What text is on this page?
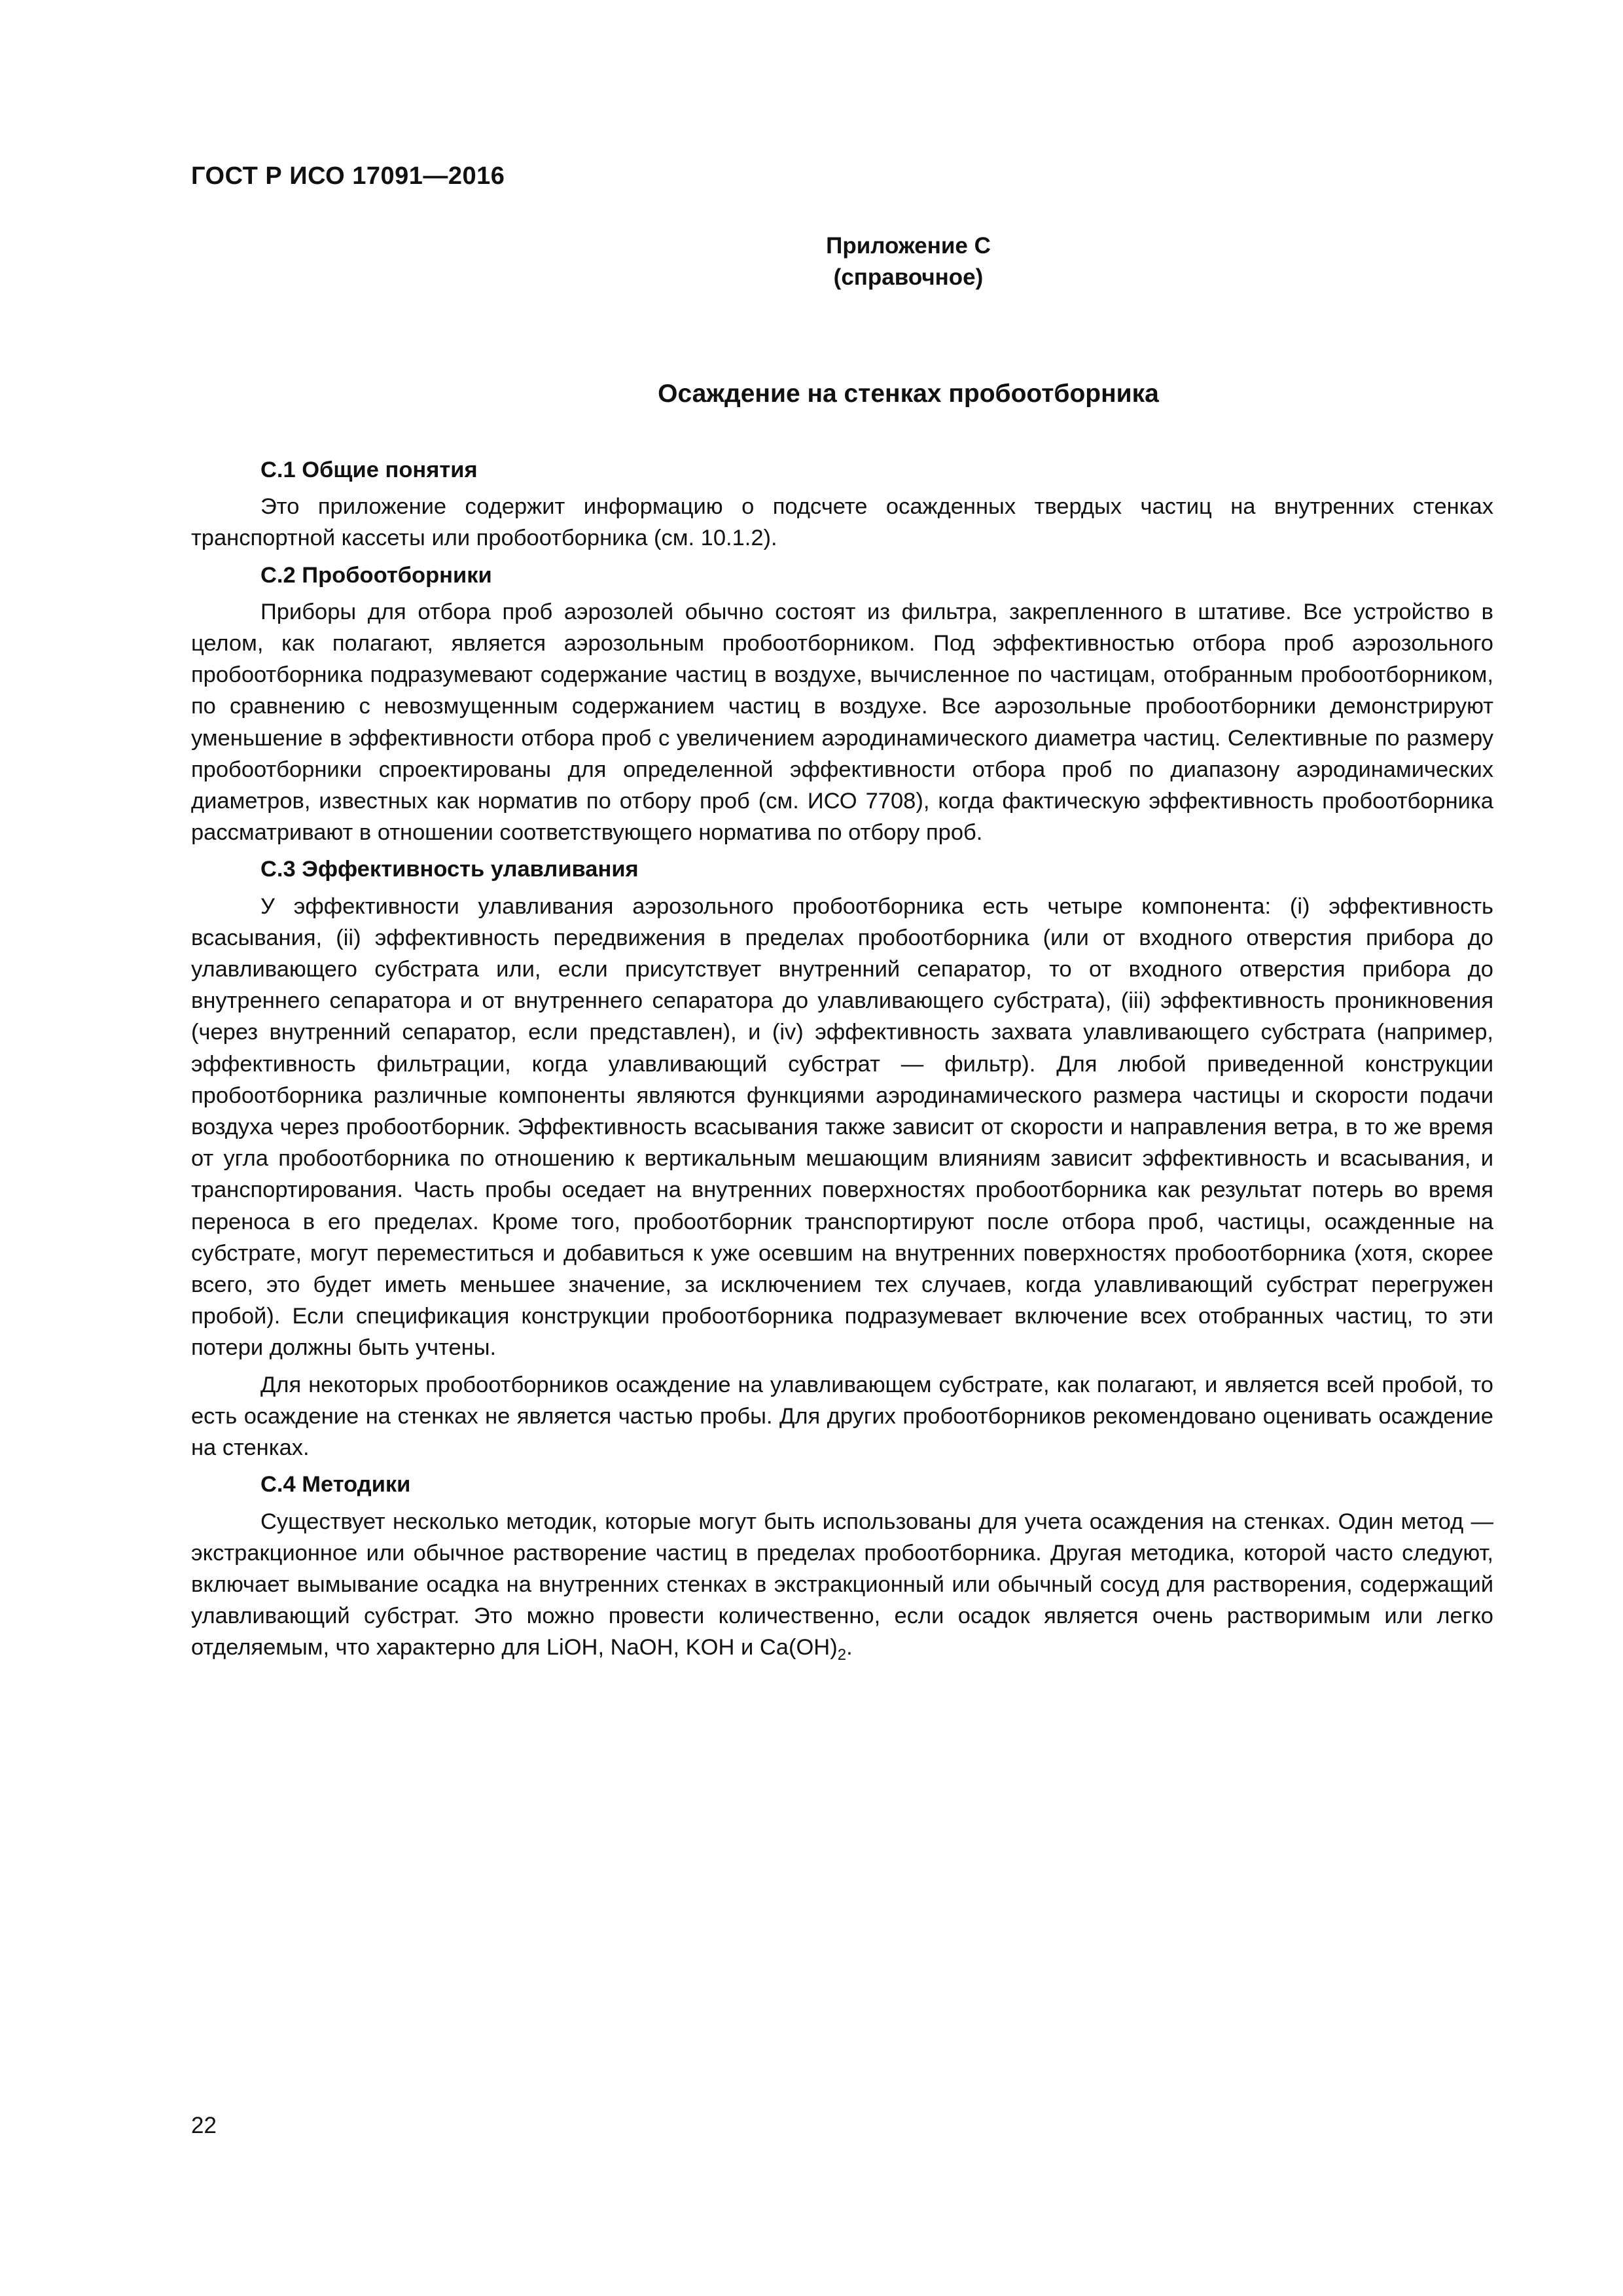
ГОСТ Р ИСО 17091—2016
Приложение С
(справочное)
Осаждение на стенках пробоотборника
С.1 Общие понятия
Это приложение содержит информацию о подсчете осажденных твердых частиц на внутренних стенках транспортной кассеты или пробоотборника (см. 10.1.2).
С.2 Пробоотборники
Приборы для отбора проб аэрозолей обычно состоят из фильтра, закрепленного в штативе. Все устройство в целом, как полагают, является аэрозольным пробоотборником. Под эффективностью отбора проб аэрозольного пробоотборника подразумевают содержание частиц в воздухе, вычисленное по частицам, отобранным пробоотборником, по сравнению с невозмущенным содержанием частиц в воздухе. Все аэрозольные пробоотборники демонстрируют уменьшение в эффективности отбора проб с увеличением аэродинамического диаметра частиц. Селективные по размеру пробоотборники спроектированы для определенной эффективности отбора проб по диапазону аэродинамических диаметров, известных как норматив по отбору проб (см. ИСО 7708), когда фактическую эффективность пробоотборника рассматривают в отношении соответствующего норматива по отбору проб.
С.3 Эффективность улавливания
У эффективности улавливания аэрозольного пробоотборника есть четыре компонента: (i) эффективность всасывания, (ii) эффективность передвижения в пределах пробоотборника (или от входного отверстия прибора до улавливающего субстрата или, если присутствует внутренний сепаратор, то от входного отверстия прибора до внутреннего сепаратора и от внутреннего сепаратора до улавливающего субстрата), (iii) эффективность проникновения (через внутренний сепаратор, если представлен), и (iv) эффективность захвата улавливающего субстрата (например, эффективность фильтрации, когда улавливающий субстрат — фильтр). Для любой приведенной конструкции пробоотборника различные компоненты являются функциями аэродинамического размера частицы и скорости подачи воздуха через пробоотборник. Эффективность всасывания также зависит от скорости и направления ветра, в то же время от угла пробоотборника по отношению к вертикальным мешающим влияниям зависит эффективность и всасывания, и транспортирования. Часть пробы оседает на внутренних поверхностях пробоотборника как результат потерь во время переноса в его пределах. Кроме того, пробоотборник транспортируют после отбора проб, частицы, осажденные на субстрате, могут переместиться и добавиться к уже осевшим на внутренних поверхностях пробоотборника (хотя, скорее всего, это будет иметь меньшее значение, за исключением тех случаев, когда улавливающий субстрат перегружен пробой). Если спецификация конструкции пробоотборника подразумевает включение всех отобранных частиц, то эти потери должны быть учтены.
Для некоторых пробоотборников осаждение на улавливающем субстрате, как полагают, и является всей пробой, то есть осаждение на стенках не является частью пробы. Для других пробоотборников рекомендовано оценивать осаждение на стенках.
С.4 Методики
Существует несколько методик, которые могут быть использованы для учета осаждения на стенках. Один метод — экстракционное или обычное растворение частиц в пределах пробоотборника. Другая методика, которой часто следуют, включает вымывание осадка на внутренних стенках в экстракционный или обычный сосуд для растворения, содержащий улавливающий субстрат. Это можно провести количественно, если осадок является очень растворимым или легко отделяемым, что характерно для LiOH, NaOH, KOH и $Ca(OH)_2$.
22
